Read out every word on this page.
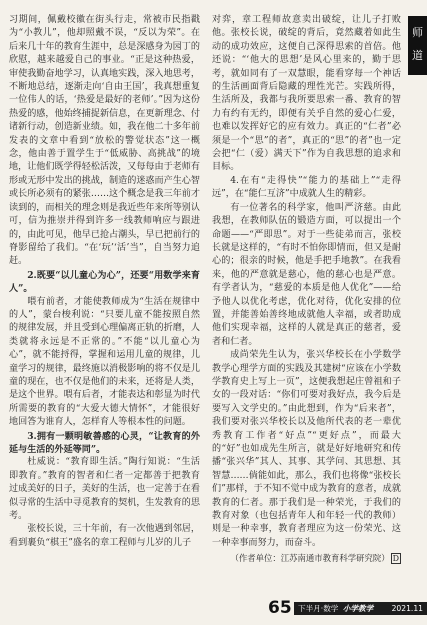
习期间，佩戴校徽在街头行走，常被市民指戳为“小教儿”，他却照戴不误，“反以为荣”。在后来几十年的教育生涯中，总是深感身为园丁的欣慰，越来越爱自己的事业。“正是这种热爱，审使我勤奋地学习，认真地实践，深入地思考，不断地总结，逐渐走向‘自由王国’，我真想重复一位伟人的话，‘热爱是最好的老师’。”因为这份热爱的感，他始终捕捉新信息，在更新理念、付诸新行动，创造新业绩。如，我在他二十多年前发表的文章中看到“放松的警觉状态”这一概念，他由善于置学生于“低威胁、高挑战”的境地，让他们既学得轻松活泼，又每每由于老师有形或无形中发出的挑战，制造的迷惑而产生心智或长所必须有的紧张……这个概念是我三年前才读到的，而相关的理念则是我近些年来所等别认可，信为推崇并得到许多一线教师响应与跟进的，由此可见，他早已抢占潮头，早已把前行的脊影留给了我们。“在‘玩’‘活’当”，自当努力追赶。

2.既要“以儿童心为心”，还要“用数学来育人”。

喂有前者，才能使教师成为“生活在规律中的人”，蒙台梭利说：“只要儿童不能按照自然的规律发展，并且受到心理偏离正轨的折磨，人类就将永远是不正常的。”不能“以儿童心为心”，就不能捋得，掌握和运用儿童的规律，儿童学习的规律，最终施以消极影响的将不仅是儿童的现在，也不仅是他们的未来，还将是人类，是这个世界。喂有后者，才能表达和彰显为时代所需要的教育的“大爱大德大情怀”，才能很好地回答为谁育人，怎样育人等根本性的问题。

3.拥有一颗明敏善感的心灵，“让教育的外延与生活的外延等同”。

杜威说：“教育即生活。”陶行知说：“生活即教育。”教育的智者和仁者一定都善于把教育过成美好的日子，美好的生活，也一定善于在看似寻常的生活中寻觅教育的契机，生发教育的思考。

张校长说，三十年前，有一次他遇到邻居，看到裹负“棋王”盛名的章工程师与儿岁的儿子

对弈，章工程师故意卖出破绽，让儿子打败他。张校长说，破绽的背后，竟然藏着如此生动的成功效应，这便自己深得思索的首倍。他还说：“‘他大的思想’是风心里来的，勤于思考，就如同有了一双慧眼，能看穿每一个神话的生活画面背后隐藏的理性光芒。实践所得，生活所及，我都与我所要思索一番、教育的智力有约有无约，即便有关乎自然的爱心仁爱，也难以发挥好它的应有效力。真正的“仁者”必须是一个“思”的者”，真正的“思”的者”也一定会把“仁（爱）满天下”作为自我思想的追求和目标。

4.在有“走得快”“能力的基础上”“走得远”，在“能仁互济”中成就人生的精彩。

有一位著名的科学家，他叫严济慈。由此我想，在教师队伍的锻造方面，可以提出一个命题——“严即思”。对于一些徒弟而言，张校长就是这样的，“有时不怕你即情而，但又是耐心的；很亲的时候，他是手把手地教”。在我看来，他的严意就是慈心，他的慈心也是严意。有学者认为，“慈爱的本质是他人优化”——给予他人以优化考虑，优化对待，优化安排的位置，并能善始善终地成就他人幸福，或者助成他们实现幸福，这样的人就是真正的慈者，爱者和仁者。

成尚荣先生认为，张兴华校长在小学数学教学心理学方面的实践及其建树“应该在小学数学教育史上写上一页”，这便我想起庄曾祖和子女的一段对话：“你们可要对我好点，我今后是要写入文学史的。”由此想到，作为“后来者”，我们要对张兴华校长以及他所代表的老一辈优秀教育工作者“好点”“更好点”，而最大的“好”也如成先生所言，就是好好地研究和传播“张兴华”其人、其事、其学问、其思想、其智慧……倘能如此，那么，我们也将像“张校长们”那样，于不知不觉中成为教育的意者，成就教育的仁者。那于我们是一种荣光，于我们的教育对象（也包括青年人和年轻一代的教师）则是一种幸事，教育者理应为这一份荣光、这一种幸事而努力，而奋斗。

（作者单位：江苏南通市教育科学研究院） D

师
道
65 下半月·数学 小学教学 2021.11
